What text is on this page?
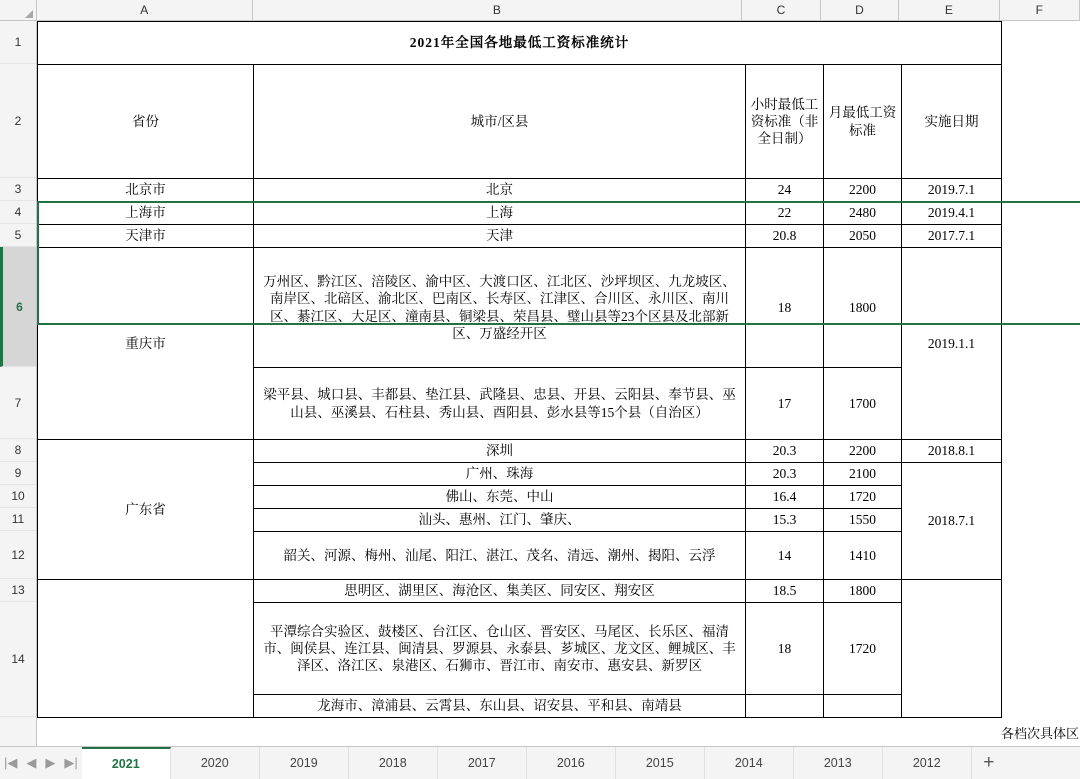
A	B	C	D	E	F
1
2
3
4
5
6
7
8
9
10
11
12
13
14
2021年全国各地最低工资标准统计				
省份	城市/区县	小时最低工资标准（非全日制）	月最低工资标准	实施日期
北京市	北京	24	2200	2019.7.1
上海市	上海	22	2480	2019.4.1
天津市	天津	20.8	2050	2017.7.1
重庆市	万州区、黔江区、涪陵区、渝中区、大渡口区、江北区、沙坪坝区、九龙坡区、南岸区、北碚区、渝北区、巴南区、长寿区、江津区、合川区、永川区、南川区、綦江区、大足区、潼南县、铜梁县、荣昌县、璧山县等23个区县及北部新区、万盛经开区	18	1800	2019.1.1
	梁平县、城口县、丰都县、垫江县、武隆县、忠县、开县、云阳县、奉节县、巫山县、巫溪县、石柱县、秀山县、酉阳县、彭水县等15个县（自治区）	17	1700	
广东省	深圳	20.3	2200	2018.8.1
	广州、珠海	20.3	2100	2018.7.1
	佛山、东莞、中山	16.4	1720	
	汕头、惠州、江门、肇庆、	15.3	1550	
	韶关、河源、梅州、汕尾、阳江、湛江、茂名、清远、潮州、揭阳、云浮	14	1410	
	思明区、湖里区、海沧区、集美区、同安区、翔安区	18.5	1800	
	平潭综合实验区、鼓楼区、台江区、仓山区、晋安区、马尾区、长乐区、福清市、闽侯县、连江县、闽清县、罗源县、永泰县、芗城区、龙文区、鲤城区、丰泽区、洛江区、泉港区、石狮市、晋江市、南安市、惠安县、新罗区	18	1720	
	龙海市、漳浦县、云霄县、东山县、诏安县、平和县、南靖县			
各档次具体区
|◀ ◀ ▶ ▶|	2021	2020	2019	2018	2017	2016	2015	2014	2013	2012	+
